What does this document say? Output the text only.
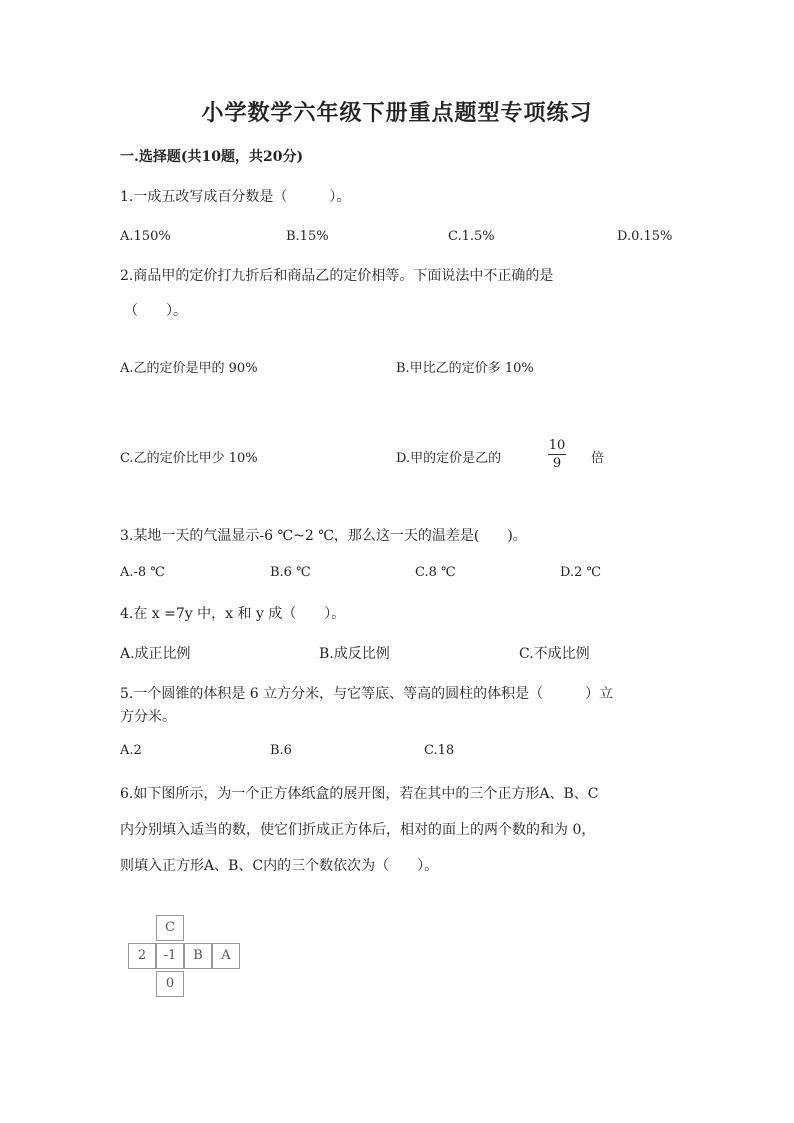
小学数学六年级下册重点题型专项练习
一.选择题(共10题，共20分)
1.一成五改写成百分数是（　　　）。
A.150%	B.15%	C.1.5%	D.0.15%
2.商品甲的定价打九折后和商品乙的定价相等。下面说法中不正确的是
（　　）。
A.乙的定价是甲的 90%	B.甲比乙的定价多 10%
C.乙的定价比甲少 10%	D.甲的定价是乙的
10
9	倍
3.某地一天的气温显示-6 ℃~2 ℃，那么这一天的温差是(　　)。
A.-8 ℃	B.6 ℃	C.8 ℃	D.2 ℃
4.在 x =7y 中，x 和 y 成（　　）。
A.成正比例	B.成反比例	C.不成比例
5.一个圆锥的体积是 6 立方分米，与它等底、等高的圆柱的体积是（　　　）立
方分米。
A.2	B.6	C.18
6.如下图所示，为一个正方体纸盒的展开图，若在其中的三个正方形A、B、C
内分别填入适当的数，使它们折成正方体后，相对的面上的两个数的和为 0，
则填入正方形A、B、C内的三个数依次为（　　）。
C
2	-1	B	A
0
